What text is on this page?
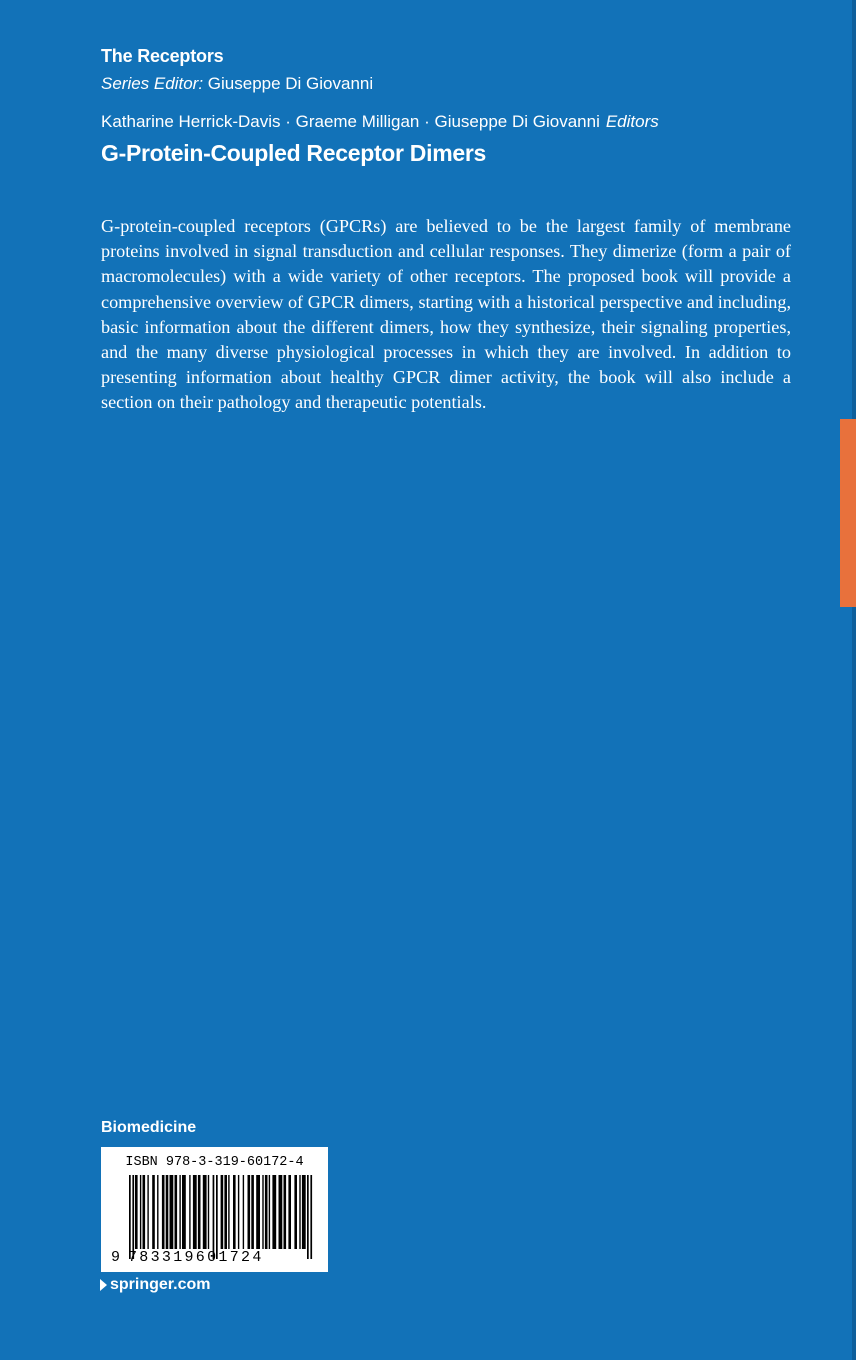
The Receptors
Series Editor: Giuseppe Di Giovanni
Katharine Herrick-Davis · Graeme Milligan · Giuseppe Di Giovanni Editors
G-Protein-Coupled Receptor Dimers
G-protein-coupled receptors (GPCRs) are believed to be the largest family of membrane proteins involved in signal transduction and cellular responses. They dimerize (form a pair of macromolecules) with a wide variety of other receptors. The proposed book will provide a comprehensive overview of GPCR dimers, starting with a historical perspective and including, basic information about the different dimers, how they synthesize, their signaling properties, and the many diverse physiological processes in which they are involved. In addition to presenting information about healthy GPCR dimer activity, the book will also include a section on their pathology and therapeutic potentials.
Biomedicine
ISBN 978-3-319-60172-4
9 783319601724
springer.com
